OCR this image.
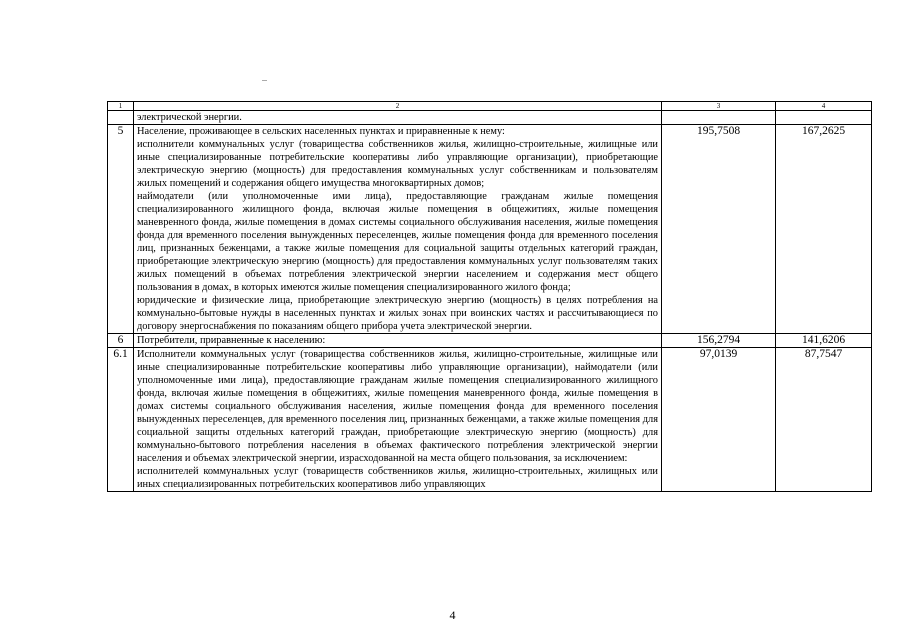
1	2	3	4
	электрической энергии.		
5	Население, проживающее в сельских населенных пунктах и приравненные к нему:
исполнители коммунальных услуг (товарищества собственников жилья, жилищно-строительные, жилищные или иные специализированные потребительские кооперативы либо управляющие организации), приобретающие электрическую энергию (мощность) для предоставления коммунальных услуг собственникам и пользователям жилых помещений и содержания общего имущества многоквартирных домов;
наймодатели (или уполномоченные ими лица), предоставляющие гражданам жилые помещения специализированного жилищного фонда, включая жилые помещения в общежитиях, жилые помещения маневренного фонда, жилые помещения в домах системы социального обслуживания населения, жилые помещения фонда для временного поселения вынужденных переселенцев, жилые помещения фонда для временного поселения лиц, признанных беженцами, а также жилые помещения для социальной защиты отдельных категорий граждан, приобретающие электрическую энергию (мощность) для предоставления коммунальных услуг пользователям таких жилых помещений в объемах потребления электрической энергии населением и содержания мест общего пользования в домах, в которых имеются жилые помещения специализированного жилого фонда;
юридические и физические лица, приобретающие электрическую энергию (мощность) в целях потребления на коммунально-бытовые нужды в населенных пунктах и жилых зонах при воинских частях и рассчитывающиеся по договору энергоснабжения по показаниям общего прибора учета электрической энергии.	195,7508	167,2625
6	Потребители, приравненные к населению:	156,2794	141,6206
6.1	Исполнители коммунальных услуг (товарищества собственников жилья, жилищно-строительные, жилищные или иные специализированные потребительские кооперативы либо управляющие организации), наймодатели (или уполномоченные ими лица), предоставляющие гражданам жилые помещения специализированного жилищного фонда, включая жилые помещения в общежитиях, жилые помещения маневренного фонда, жилые помещения в домах системы социального обслуживания населения, жилые помещения фонда для временного поселения вынужденных переселенцев, для временного поселения лиц, признанных беженцами, а также жилые помещения для социальной защиты отдельных категорий граждан, приобретающие электрическую энергию (мощность) для коммунально-бытового потребления населения в объемах фактического потребления электрической энергии населения и объемах электрической энергии, израсходованной на места общего пользования, за исключением:
исполнителей коммунальных услуг (товариществ собственников жилья, жилищно-строительных, жилищных или иных специализированных потребительских кооперативов либо управляющих	97,0139	87,7547
4
